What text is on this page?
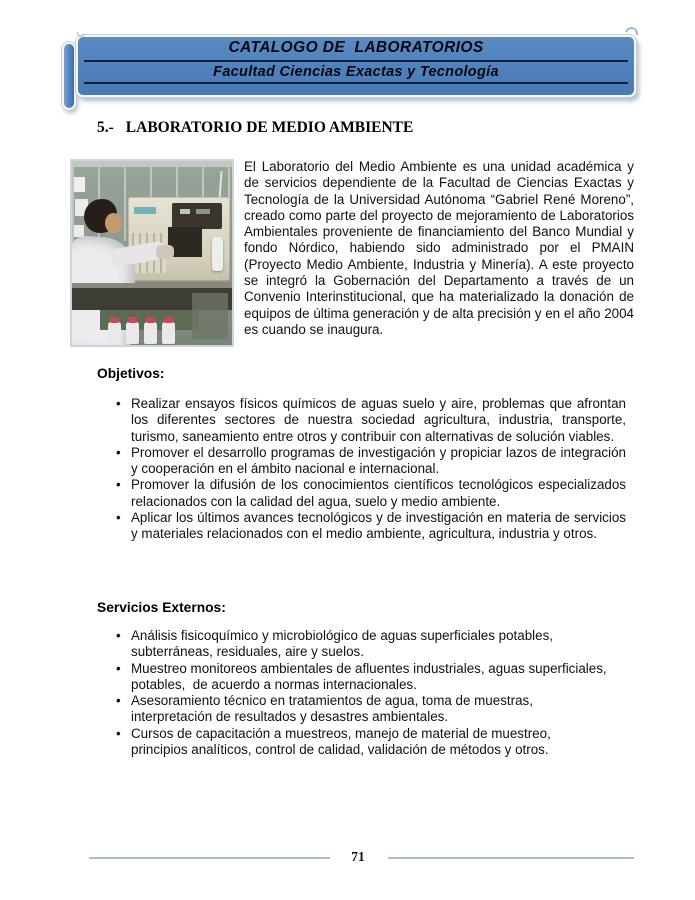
CATALOGO DE  LABORATORIOS
Facultad Ciencias Exactas y Tecnología
5.- LABORATORIO DE MEDIO AMBIENTE

El Laboratorio del Medio Ambiente es una unidad académica y de servicios dependiente de la Facultad de Ciencias Exactas y Tecnología de la Universidad Autónoma “Gabriel René Moreno”, creado como parte del proyecto de mejoramiento de Laboratorios Ambientales proveniente de financiamiento del Banco Mundial y fondo Nórdico, habiendo sido administrado por el PMAIN (Proyecto Medio Ambiente, Industria y Minería). A este proyecto se integró la Gobernación del Departamento a través de un Convenio Interinstitucional, que ha materializado la donación de equipos de última generación y de alta precisión y en el año 2004 es cuando se inaugura.

Objetivos:
• Realizar ensayos físicos químicos de aguas suelo y aire, problemas que afrontan los diferentes sectores de nuestra sociedad agricultura, industria, transporte, turismo, saneamiento entre otros y contribuir con alternativas de solución viables.
• Promover el desarrollo programas de investigación y propiciar lazos de integración y cooperación en el ámbito nacional e internacional.
• Promover la difusión de los conocimientos científicos tecnológicos especializados relacionados con la calidad del agua, suelo y medio ambiente.
• Aplicar los últimos avances tecnológicos y de investigación en materia de servicios y materiales relacionados con el medio ambiente, agricultura, industria y otros.
Servicios Externos:
• Análisis fisicoquímico y microbiológico de aguas superficiales potables, subterráneas, residuales, aire y suelos.
• Muestreo monitoreos ambientales de afluentes industriales, aguas superficiales,  potables,  de acuerdo a normas internacionales.
• Asesoramiento técnico en tratamientos de agua, toma de muestras, interpretación de resultados y desastres ambientales.
• Cursos de capacitación a muestreos, manejo de material de muestreo, principios analíticos, control de calidad, validación de métodos y otros.
71
